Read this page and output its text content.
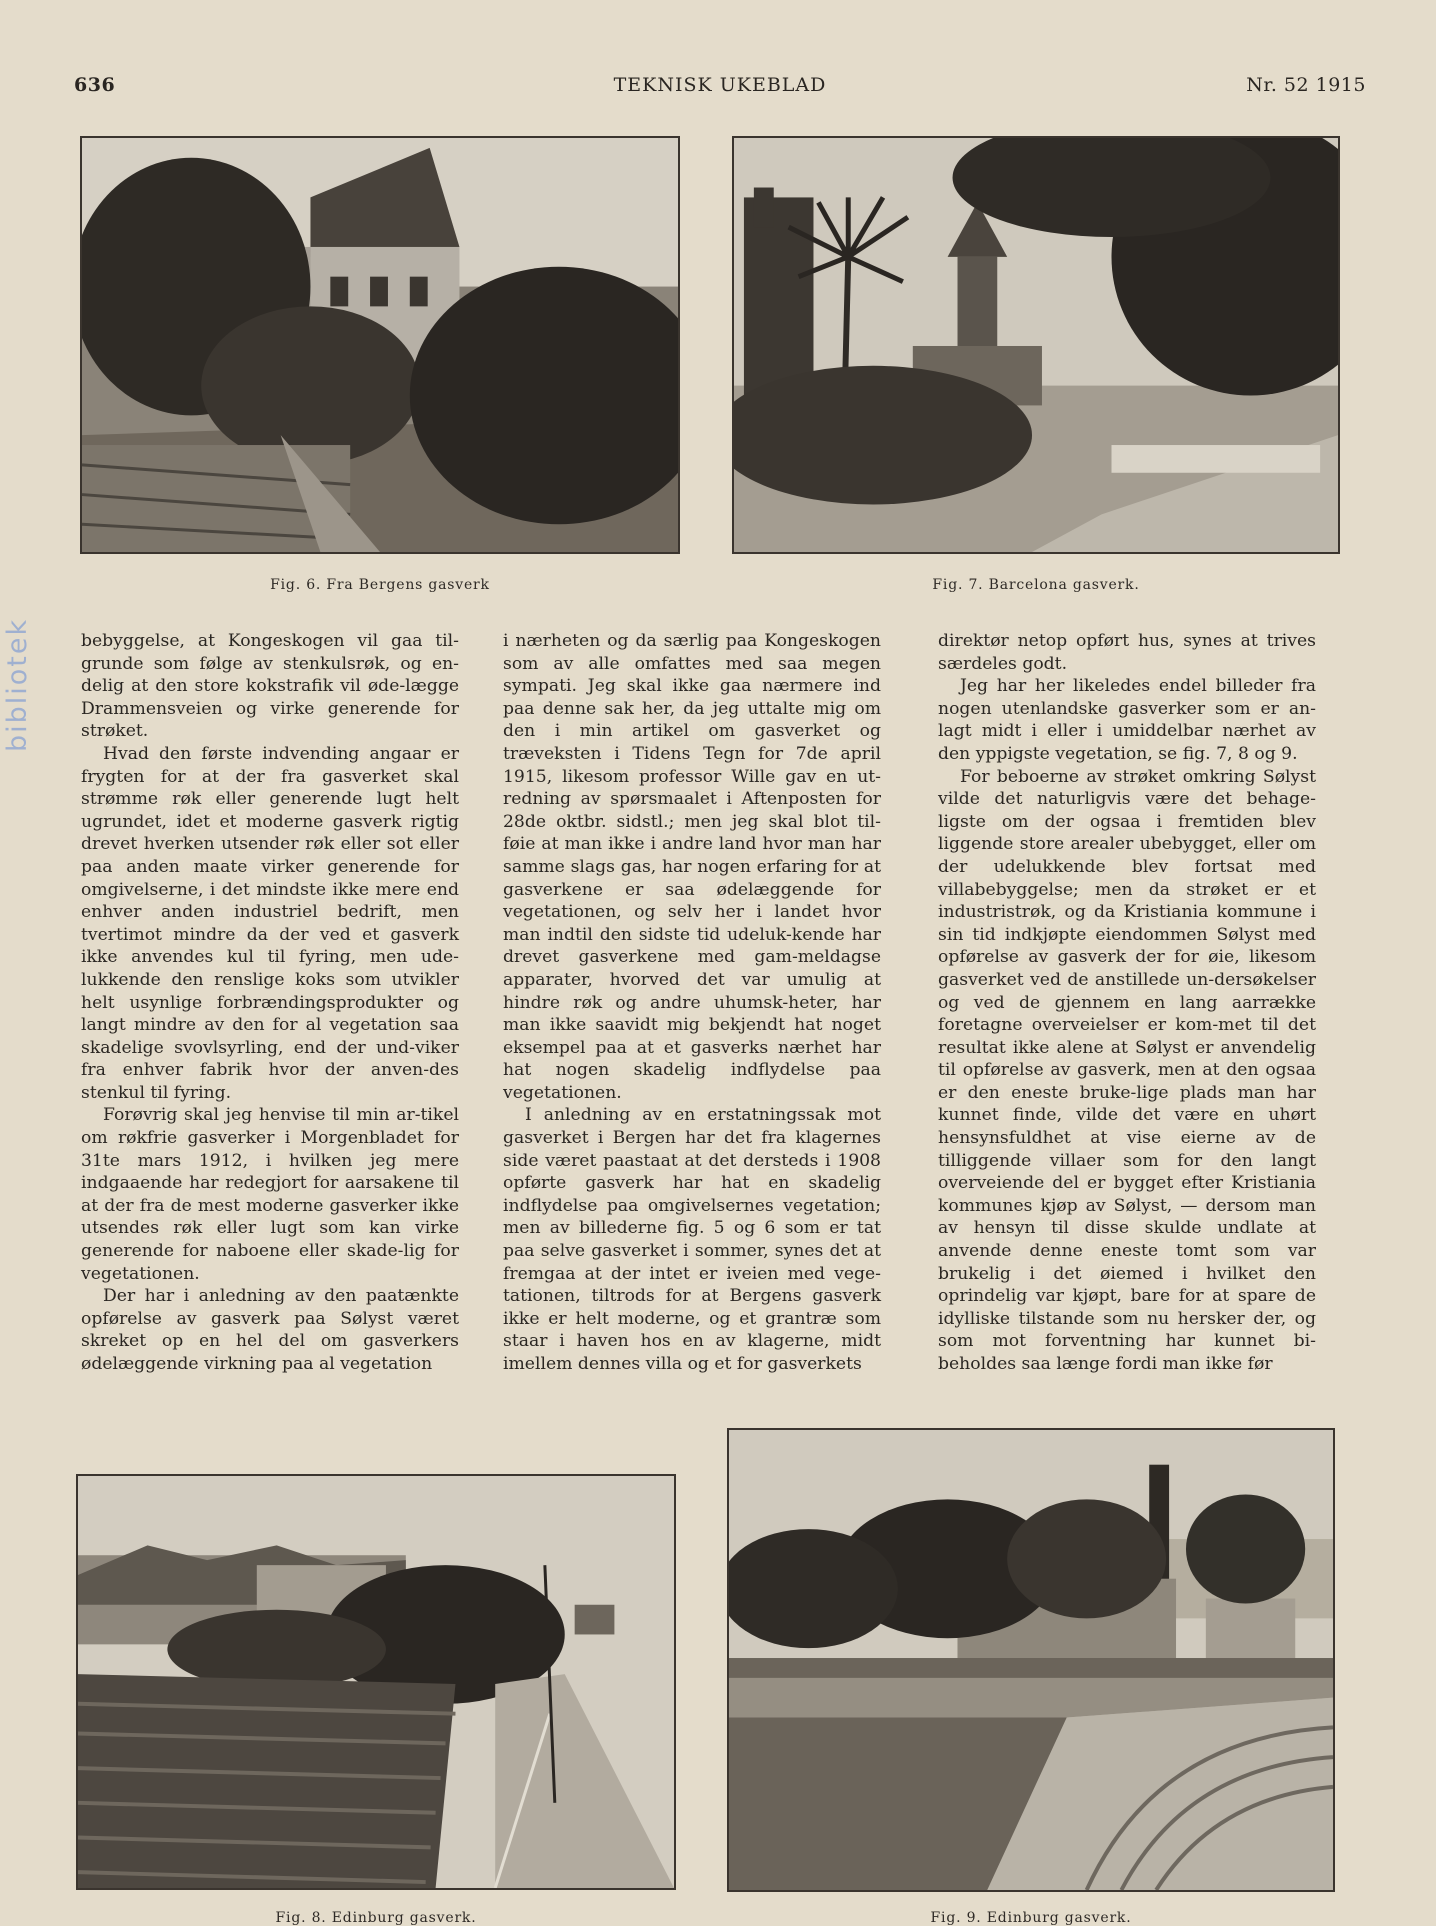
636	TEKNISK UKEBLAD	Nr. 52 1915
bibliotek
Fig. 6. Fra Bergens gasverk	Fig. 7. Barcelona gasverk.

bebyggelse, at Kongeskogen vil gaa til-grunde som følge av stenkulsrøk, og en-delig at den store kokstrafik vil øde-lægge Drammensveien og virke generende for strøket.

Hvad den første indvending angaar er frygten for at der fra gasverket skal strømme røk eller generende lugt helt ugrundet, idet et moderne gasverk rigtig drevet hverken utsender røk eller sot eller paa anden maate virker generende for omgivelserne, i det mindste ikke mere end enhver anden industriel bedrift, men tvertimot mindre da der ved et gasverk ikke anvendes kul til fyring, men ude-lukkende den renslige koks som utvikler helt usynlige forbrændingsprodukter og langt mindre av den for al vegetation saa skadelige svovlsyrling, end der und-viker fra enhver fabrik hvor der anven-des stenkul til fyring.

Forøvrig skal jeg henvise til min ar-tikel om røkfrie gasverker i Morgenbladet for 31te mars 1912, i hvilken jeg mere indgaaende har redegjort for aarsakene til at der fra de mest moderne gasverker ikke utsendes røk eller lugt som kan virke generende for naboene eller skade-lig for vegetationen.

Der har i anledning av den paatænkte opførelse av gasverk paa Sølyst været skreket op en hel del om gasverkers ødelæggende virkning paa al vegetation

i nærheten og da særlig paa Kongeskogen som av alle omfattes med saa megen sympati. Jeg skal ikke gaa nærmere ind paa denne sak her, da jeg uttalte mig om den i min artikel om gasverket og træveksten i Tidens Tegn for 7de april 1915, likesom professor Wille gav en ut-redning av spørsmaalet i Aftenposten for 28de oktbr. sidstl.; men jeg skal blot til-føie at man ikke i andre land hvor man har samme slags gas, har nogen erfaring for at gasverkene er saa ødelæggende for vegetationen, og selv her i landet hvor man indtil den sidste tid udeluk-kende har drevet gasverkene med gam-meldagse apparater, hvorved det var umulig at hindre røk og andre uhumsk-heter, har man ikke saavidt mig bekjendt hat noget eksempel paa at et gasverks nærhet har hat nogen skadelig indflydelse paa vegetationen.

I anledning av en erstatningssak mot gasverket i Bergen har det fra klagernes side været paastaat at det dersteds i 1908 opførte gasverk har hat en skadelig indflydelse paa omgivelsernes vegetation; men av billederne fig. 5 og 6 som er tat paa selve gasverket i sommer, synes det at fremgaa at der intet er iveien med vege-tationen, tiltrods for at Bergens gasverk ikke er helt moderne, og et grantræ som staar i haven hos en av klagerne, midt imellem dennes villa og et for gasverkets

direktør netop opført hus, synes at trives særdeles godt.

Jeg har her likeledes endel billeder fra nogen utenlandske gasverker som er an-lagt midt i eller i umiddelbar nærhet av den yppigste vegetation, se fig. 7, 8 og 9.

For beboerne av strøket omkring Sølyst vilde det naturligvis være det behage-ligste om der ogsaa i fremtiden blev liggende store arealer ubebygget, eller om der udelukkende blev fortsat med villabebyggelse; men da strøket er et industristrøk, og da Kristiania kommune i sin tid indkjøpte eiendommen Sølyst med opførelse av gasverk der for øie, likesom gasverket ved de anstillede un-dersøkelser og ved de gjennem en lang aarrække foretagne overveielser er kom-met til det resultat ikke alene at Sølyst er anvendelig til opførelse av gasverk, men at den ogsaa er den eneste bruke-lige plads man har kunnet finde, vilde det være en uhørt hensynsfuldhet at vise eierne av de tilliggende villaer som for den langt overveiende del er bygget efter Kristiania kommunes kjøp av Sølyst, — dersom man av hensyn til disse skulde undlate at anvende denne eneste tomt som var brukelig i det øiemed i hvilket den oprindelig var kjøpt, bare for at spare de idylliske tilstande som nu hersker der, og som mot forventning har kunnet bi-beholdes saa længe fordi man ikke før

Fig. 8. Edinburg gasverk.	Fig. 9. Edinburg gasverk.
